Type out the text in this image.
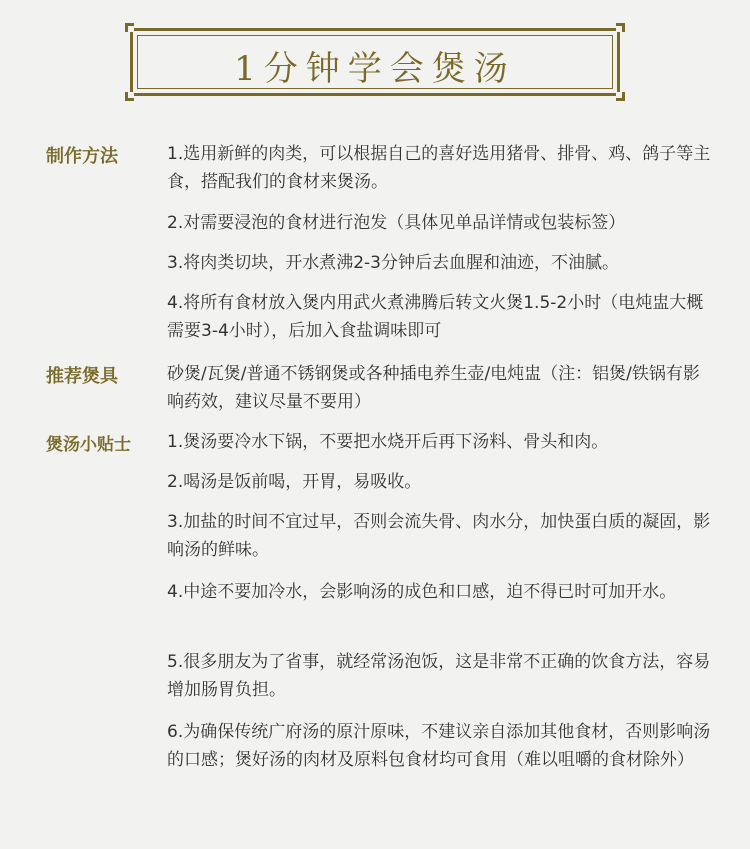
1分钟学会煲汤
制作方法	1.选用新鲜的肉类，可以根据自己的喜好选用猪骨、排骨、鸡、鸽子等主食，搭配我们的食材来煲汤。
2.对需要浸泡的食材进行泡发（具体见单品详情或包装标签）
3.将肉类切块，开水煮沸2-3分钟后去血腥和油迹，不油腻。
4.将所有食材放入煲内用武火煮沸腾后转文火煲1.5-2小时（电炖盅大概需要3-4小时），后加入食盐调味即可
推荐煲具	砂煲/瓦煲/普通不锈钢煲或各种插电养生壶/电炖盅（注：铝煲/铁锅有影响药效，建议尽量不要用）
煲汤小贴士 1.煲汤要冷水下锅，不要把水烧开后再下汤料、骨头和肉。
2.喝汤是饭前喝，开胃，易吸收。
3.加盐的时间不宜过早，否则会流失骨、肉水分，加快蛋白质的凝固，影响汤的鲜味。
4.中途不要加冷水，会影响汤的成色和口感，迫不得已时可加开水。
5.很多朋友为了省事，就经常汤泡饭，这是非常不正确的饮食方法，容易增加肠胃负担。
6.为确保传统广府汤的原汁原味，不建议亲自添加其他食材，否则影响汤的口感；煲好汤的肉材及原料包食材均可食用（难以咀嚼的食材除外）
